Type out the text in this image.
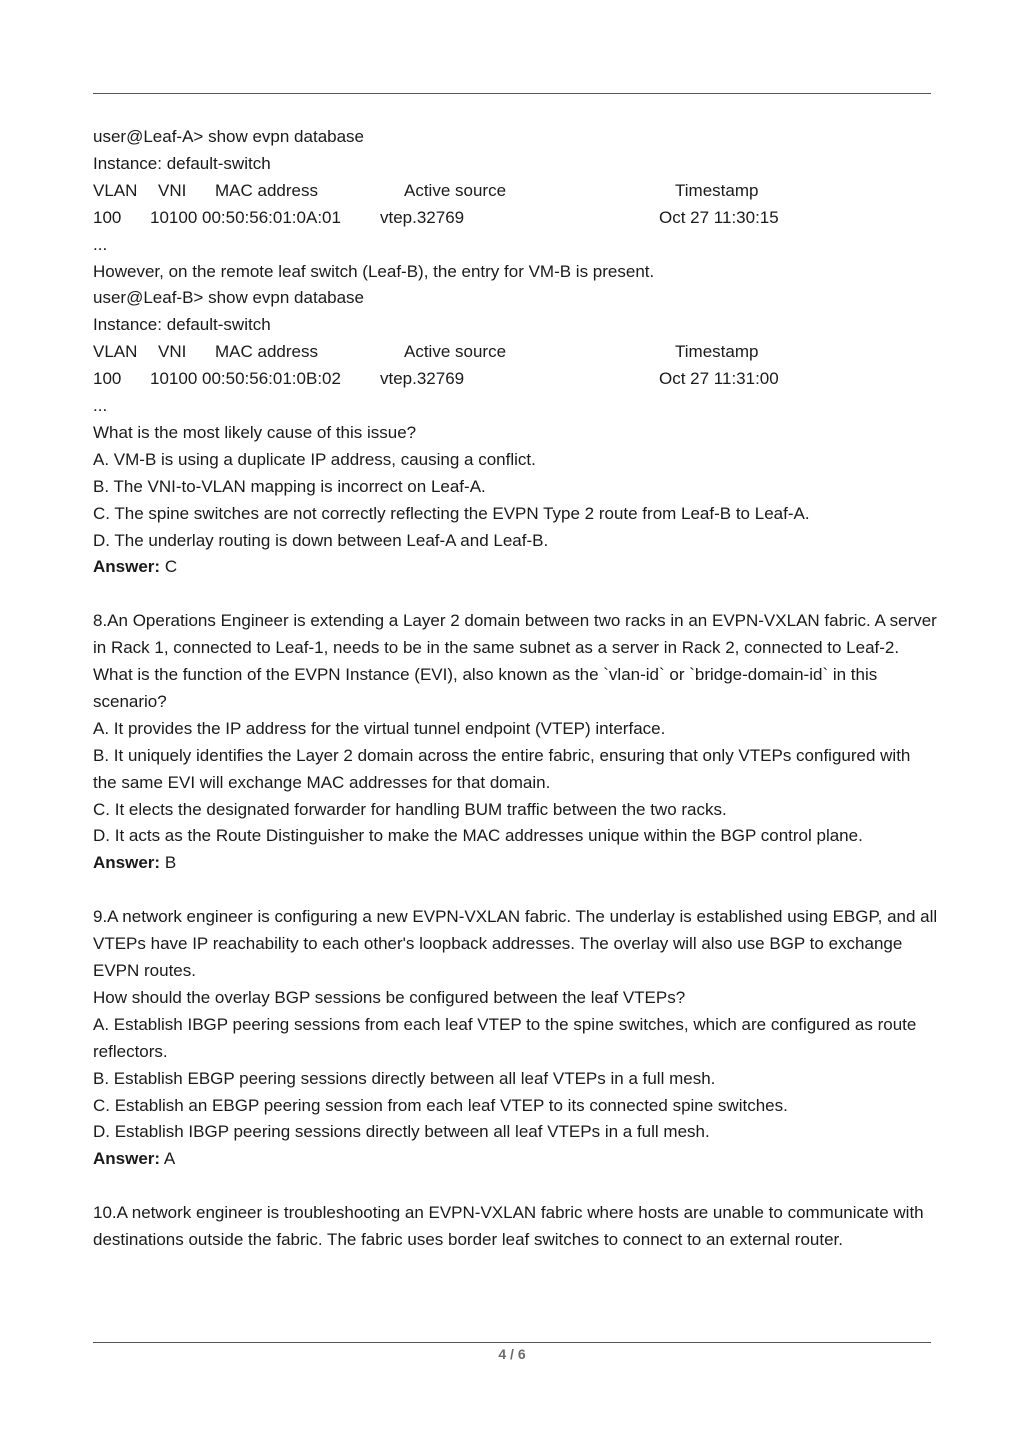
user@Leaf-A> show evpn database
Instance: default-switch
VLAN VNI MAC address	Active source	Timestamp
100 10100 00:50:56:01:0A:01 vtep.32769	Oct 27 11:30:15
...
However, on the remote leaf switch (Leaf-B), the entry for VM-B is present.
user@Leaf-B> show evpn database
Instance: default-switch
VLAN VNI MAC address	Active source	Timestamp
100 10100 00:50:56:01:0B:02 vtep.32769	Oct 27 11:31:00
...
What is the most likely cause of this issue?
A. VM-B is using a duplicate IP address, causing a conflict.
B. The VNI-to-VLAN mapping is incorrect on Leaf-A.
C. The spine switches are not correctly reflecting the EVPN Type 2 route from Leaf-B to Leaf-A.
D. The underlay routing is down between Leaf-A and Leaf-B.
Answer: C
8.An Operations Engineer is extending a Layer 2 domain between two racks in an EVPN-VXLAN fabric. A server in Rack 1, connected to Leaf-1, needs to be in the same subnet as a server in Rack 2, connected to Leaf-2.
What is the function of the EVPN Instance (EVI), also known as the `vlan-id` or `bridge-domain-id` in this scenario?
A. It provides the IP address for the virtual tunnel endpoint (VTEP) interface.
B. It uniquely identifies the Layer 2 domain across the entire fabric, ensuring that only VTEPs configured with the same EVI will exchange MAC addresses for that domain.
C. It elects the designated forwarder for handling BUM traffic between the two racks.
D. It acts as the Route Distinguisher to make the MAC addresses unique within the BGP control plane.
Answer: B
9.A network engineer is configuring a new EVPN-VXLAN fabric. The underlay is established using EBGP, and all VTEPs have IP reachability to each other's loopback addresses. The overlay will also use BGP to exchange EVPN routes.
How should the overlay BGP sessions be configured between the leaf VTEPs?
A. Establish IBGP peering sessions from each leaf VTEP to the spine switches, which are configured as route reflectors.
B. Establish EBGP peering sessions directly between all leaf VTEPs in a full mesh.
C. Establish an EBGP peering session from each leaf VTEP to its connected spine switches.
D. Establish IBGP peering sessions directly between all leaf VTEPs in a full mesh.
Answer: A
10.A network engineer is troubleshooting an EVPN-VXLAN fabric where hosts are unable to communicate with destinations outside the fabric. The fabric uses border leaf switches to connect to an external router.
4 / 6
